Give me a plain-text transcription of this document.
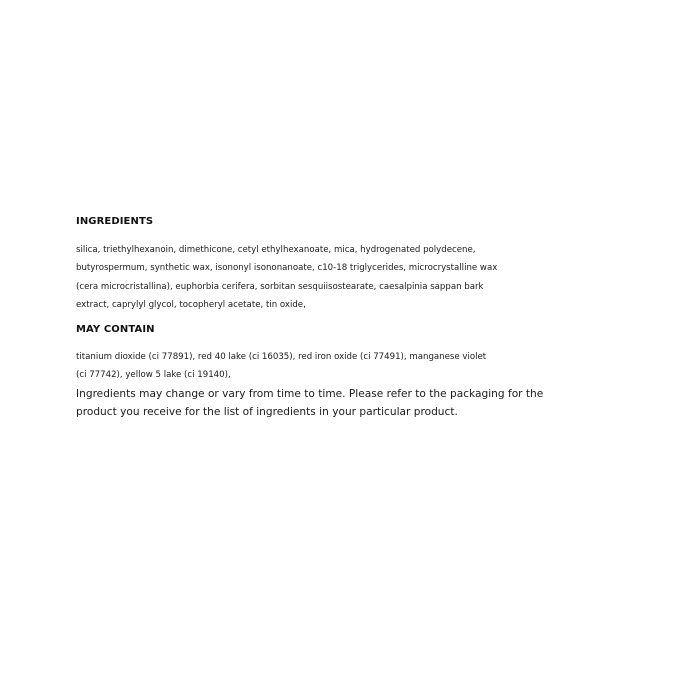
INGREDIENTS

silica, triethylhexanoin, dimethicone, cetyl ethylhexanoate, mica, hydrogenated polydecene,
butyrospermum, synthetic wax, isononyl isononanoate, c10-18 triglycerides, microcrystalline wax
(cera microcristallina), euphorbia cerifera, sorbitan sesquiisostearate, caesalpinia sappan bark
extract, caprylyl glycol, tocopheryl acetate, tin oxide,

MAY CONTAIN

titanium dioxide (ci 77891), red 40 lake (ci 16035), red iron oxide (ci 77491), manganese violet
(ci 77742), yellow 5 lake (ci 19140),

Ingredients may change or vary from time to time. Please refer to the packaging for the
product you receive for the list of ingredients in your particular product.
